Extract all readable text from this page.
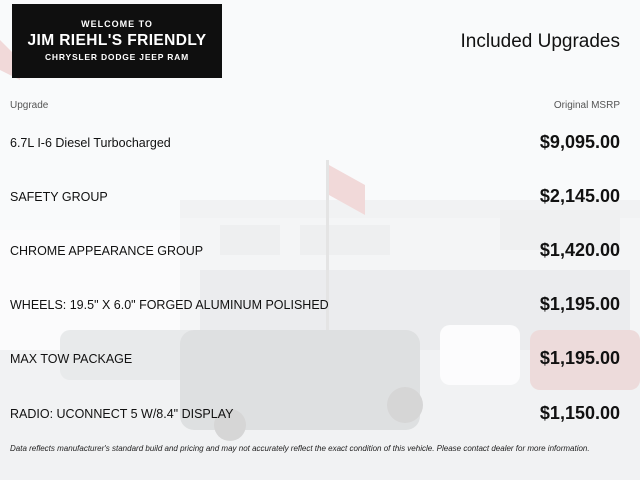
WELCOME TO
JIM RIEHL'S FRIENDLY
CHRYSLER DODGE JEEP RAM
Included Upgrades
Upgrade	Original MSRP
6.7L I-6 Diesel Turbocharged	$9,095.00
SAFETY GROUP	$2,145.00
CHROME APPEARANCE GROUP	$1,420.00
WHEELS: 19.5" X 6.0" FORGED ALUMINUM POLISHED	$1,195.00
MAX TOW PACKAGE	$1,195.00
RADIO: UCONNECT 5 W/8.4" DISPLAY	$1,150.00
Data reflects manufacturer's standard build and pricing and may not accurately reflect the exact condition of this vehicle. Please contact dealer for more information.
